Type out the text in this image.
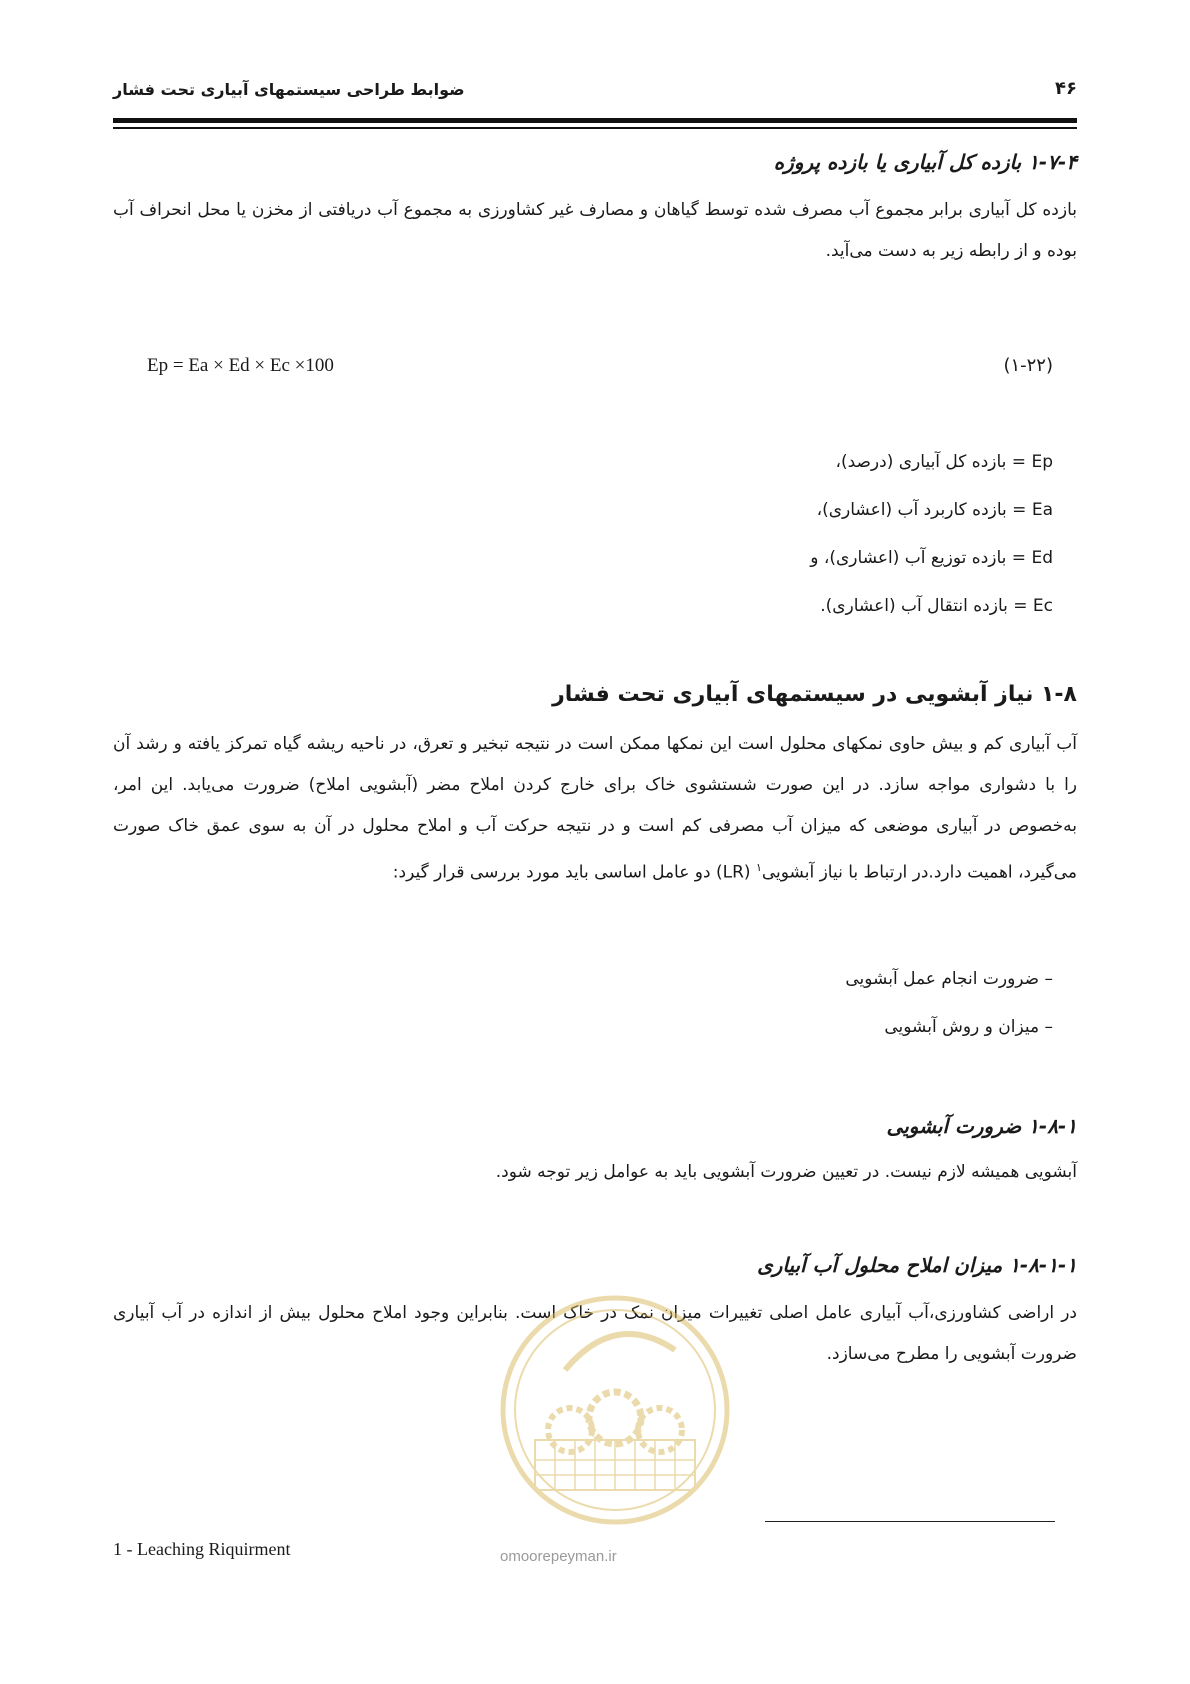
ضوابط طراحی سیستمهای آبیاری تحت فشار	۴۶
۱-۷-۴ بازده کل آبیاری یا بازده پروژه
بازده کل آبیاری برابر مجموع آب مصرف شده توسط گیاهان و مصارف غیر کشاورزی به مجموع آب دریافتی از مخزن یا محل انحراف آب بوده و از رابطه زیر به دست می‌آید.
Ep = Ea × Ed × Ec ×100	(۱-۲۲)
Ep = بازده کل آبیاری (درصد)،
Ea = بازده کاربرد آب (اعشاری)،
Ed = بازده توزیع آب (اعشاری)، و
Ec = بازده انتقال آب (اعشاری).
۱-۸ نیاز آبشویی در سیستمهای آبیاری تحت فشار
آب آبیاری کم و بیش حاوی نمکهای محلول است این نمکها ممکن است در نتیجه تبخیر و تعرق، در ناحیه ریشه گیاه تمرکز یافته و رشد آن را با دشواری مواجه سازد. در این صورت شستشوی خاک برای خارج کردن املاح مضر (آبشویی املاح) ضرورت می‌یابد. این امر، به‌خصوص در آبیاری موضعی که میزان آب مصرفی کم است و در نتیجه حرکت آب و املاح محلول در آن به سوی عمق خاک صورت می‌گیرد، اهمیت دارد.در ارتباط با نیاز آبشویی$^۱$ (LR) دو عامل اساسی باید مورد بررسی قرار گیرد:
– ضرورت انجام عمل آبشویی
– میزان و روش آبشویی
۱-۸-۱ ضرورت آبشویی
آبشویی همیشه لازم نیست. در تعیین ضرورت آبشویی باید به عوامل زیر توجه شود.
۱-۸-۱-۱ میزان املاح محلول آب آبیاری
در اراضی کشاورزی،آب آبیاری عامل اصلی تغییرات میزان نمک در خاک است. بنابراین وجود املاح محلول بیش از اندازه در آب آبیاری ضرورت آبشویی را مطرح می‌سازد.
omoorepeyman.ir
1 - Leaching Riquirment
